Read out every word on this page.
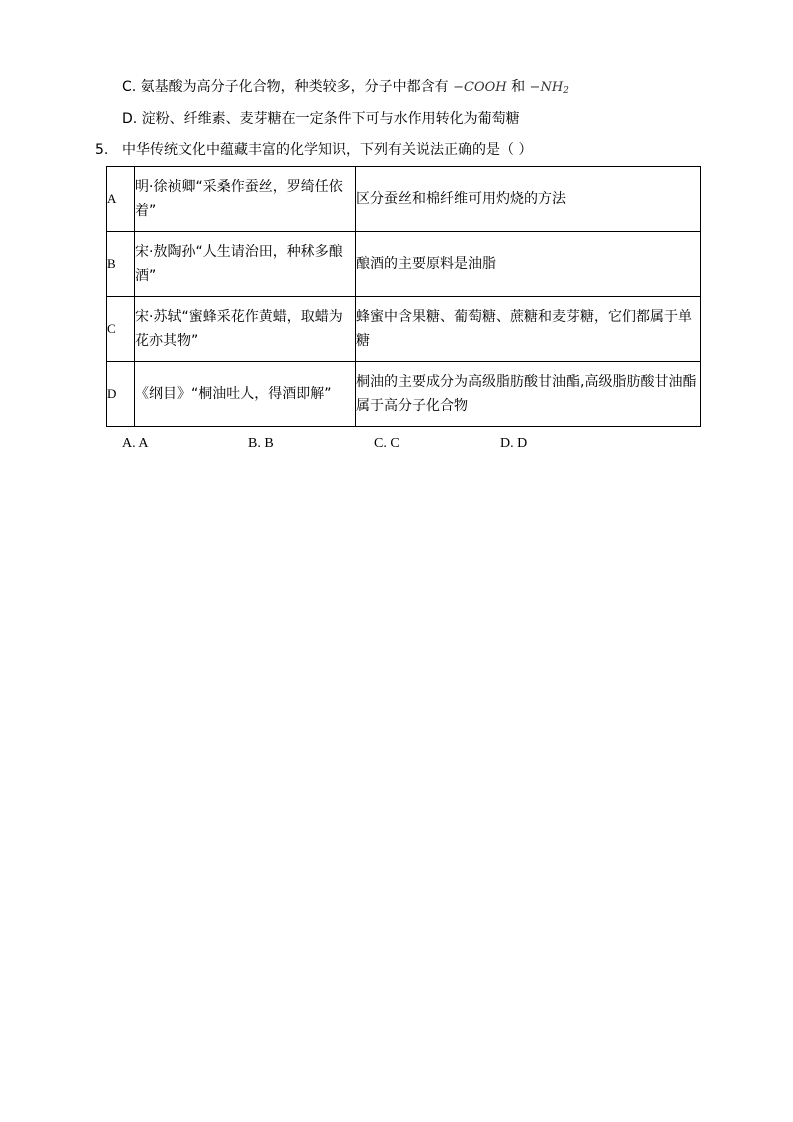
C. 氨基酸为高分子化合物，种类较多，分子中都含有 −COOH 和 $-NH_2$
D. 淀粉、纤维素、麦芽糖在一定条件下可与水作用转化为葡萄糖
5. 中华传统文化中蕴藏丰富的化学知识，下列有关说法正确的是（ ）
A	明·徐祯卿“采桑作蚕丝，罗绮任依着”	区分蚕丝和棉纤维可用灼烧的方法
B	宋·敖陶孙“人生请治田，种秫多酿酒”	酿酒的主要原料是油脂
C	宋·苏轼“蜜蜂采花作黄蜡，取蜡为花亦其物”	蜂蜜中含果糖、葡萄糖、蔗糖和麦芽糖，它们都属于单糖
D	《纲目》“桐油吐人，得酒即解”	桐油的主要成分为高级脂肪酸甘油酯,高级脂肪酸甘油酯属于高分子化合物
A. A	B. B	C. C	D. D
